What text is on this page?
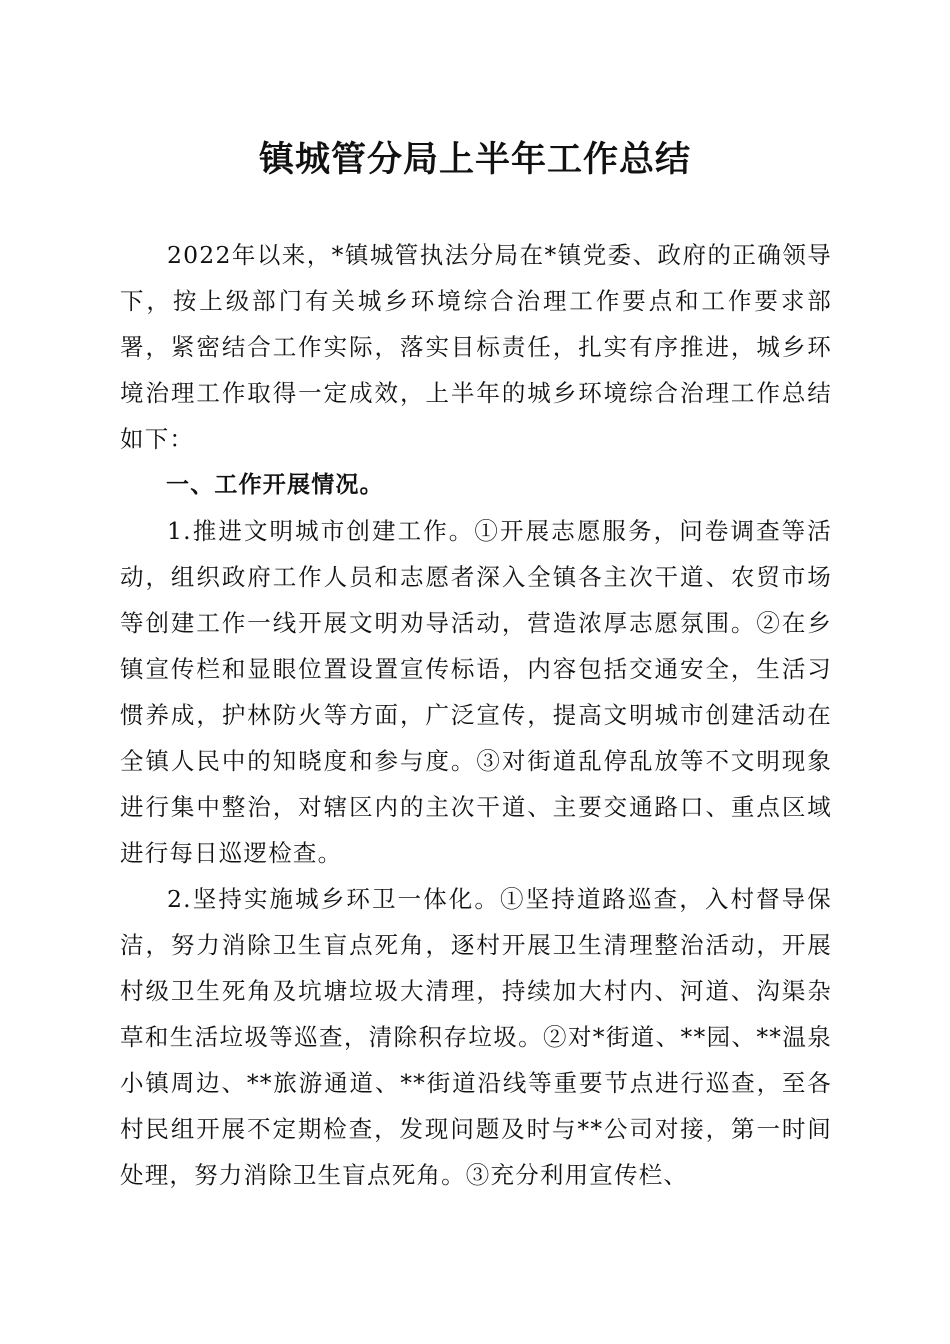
镇城管分局上半年工作总结

2022年以来，*镇城管执法分局在*镇党委、政府的正确领导下，按上级部门有关城乡环境综合治理工作要点和工作要求部署，紧密结合工作实际，落实目标责任，扎实有序推进，城乡环境治理工作取得一定成效，上半年的城乡环境综合治理工作总结如下：

一、工作开展情况。

1.推进文明城市创建工作。①开展志愿服务，问卷调查等活动，组织政府工作人员和志愿者深入全镇各主次干道、农贸市场等创建工作一线开展文明劝导活动，营造浓厚志愿氛围。②在乡镇宣传栏和显眼位置设置宣传标语，内容包括交通安全，生活习惯养成，护林防火等方面，广泛宣传，提高文明城市创建活动在全镇人民中的知晓度和参与度。③对街道乱停乱放等不文明现象进行集中整治，对辖区内的主次干道、主要交通路口、重点区域进行每日巡逻检查。

2.坚持实施城乡环卫一体化。①坚持道路巡查，入村督导保洁，努力消除卫生盲点死角，逐村开展卫生清理整治活动，开展村级卫生死角及坑塘垃圾大清理，持续加大村内、河道、沟渠杂草和生活垃圾等巡查，清除积存垃圾。②对*街道、**园、**温泉小镇周边、**旅游通道、**街道沿线等重要节点进行巡查，至各村民组开展不定期检查，发现问题及时与**公司对接，第一时间处理，努力消除卫生盲点死角。③充分利用宣传栏、
